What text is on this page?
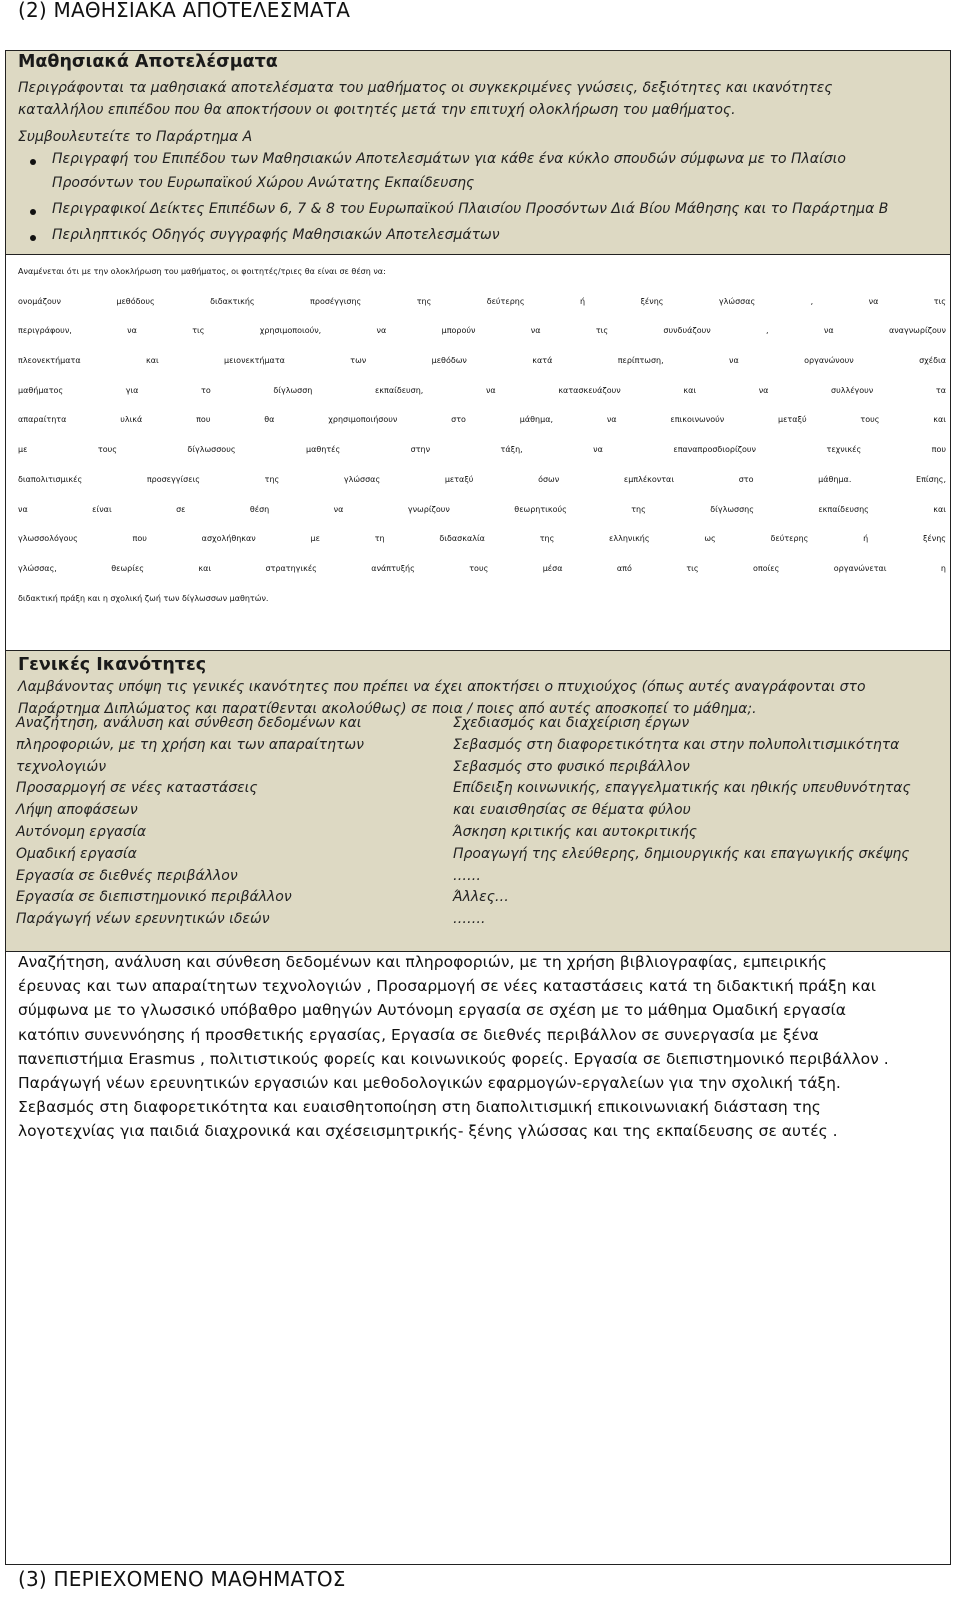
(2) ΜΑΘΗΣΙΑΚΑ ΑΠΟΤΕΛΕΣΜΑΤΑ
Μαθησιακά Αποτελέσματα
Περιγράφονται τα μαθησιακά αποτελέσματα του μαθήματος οι συγκεκριμένες γνώσεις, δεξιότητες και ικανότητες
καταλλήλου επιπέδου που θα αποκτήσουν οι φοιτητές μετά την επιτυχή ολοκλήρωση του μαθήματος.
Συμβουλευτείτε το Παράρτημα Α
Περιγραφή του Επιπέδου των Μαθησιακών Αποτελεσμάτων για κάθε ένα κύκλο σπουδών σύμφωνα με το Πλαίσιο
Προσόντων του Ευρωπαϊκού Χώρου Ανώτατης Εκπαίδευσης
Περιγραφικοί Δείκτες Επιπέδων 6, 7 & 8 του Ευρωπαϊκού Πλαισίου Προσόντων Διά Βίου Μάθησης και το Παράρτημα Β
Περιληπτικός Οδηγός συγγραφής Μαθησιακών Αποτελεσμάτων
Αναμένεται ότι με την ολοκλήρωση του μαθήματος, οι φοιτητές/τριες θα είναι σε θέση να:
ονομάζουν μεθόδους διδακτικής προσέγγισης της δεύτερης ή ξένης γλώσσας , να τις
περιγράφουν, να τις χρησιμοποιούν, να μπορούν να τις συνδυάζουν , να αναγνωρίζουν
πλεονεκτήματα και μειονεκτήματα των μεθόδων κατά περίπτωση, να οργανώνουν σχέδια
μαθήματος για το δίγλωσση εκπαίδευση, να κατασκευάζουν και να συλλέγουν τα
απαραίτητα υλικά που θα χρησιμοποιήσουν στο μάθημα, να επικοινωνούν μεταξύ τους και
με τους δίγλωσσους μαθητές στην τάξη, να επαναπροσδιορίζουν τεχνικές που
διαπολιτισμικές προσεγγίσεις της γλώσσας μεταξύ όσων εμπλέκονται στο μάθημα. Επίσης,
να είναι σε θέση να γνωρίζουν θεωρητικούς της δίγλωσσης εκπαίδευσης και
γλωσσολόγους που ασχολήθηκαν με τη διδασκαλία της ελληνικής ως δεύτερης ή ξένης
γλώσσας, θεωρίες και στρατηγικές ανάπτυξής τους μέσα από τις οποίες οργανώνεται η
διδακτική πράξη και η σχολική ζωή των δίγλωσσων μαθητών.
Γενικές Ικανότητες
Λαμβάνοντας υπόψη τις γενικές ικανότητες που πρέπει να έχει αποκτήσει ο πτυχιούχος (όπως αυτές αναγράφονται στο
Παράρτημα Διπλώματος και παρατίθενται ακολούθως) σε ποια / ποιες από αυτές αποσκοπεί το μάθημα;.
Αναζήτηση, ανάλυση και σύνθεση δεδομένων και
πληροφοριών, με τη χρήση και των απαραίτητων
τεχνολογιών
Προσαρμογή σε νέες καταστάσεις
Λήψη αποφάσεων
Αυτόνομη εργασία
Ομαδική εργασία
Εργασία σε διεθνές περιβάλλον
Εργασία σε διεπιστημονικό περιβάλλον
Παράγωγή νέων ερευνητικών ιδεών
Σχεδιασμός και διαχείριση έργων
Σεβασμός στη διαφορετικότητα και στην πολυπολιτισμικότητα
Σεβασμός στο φυσικό περιβάλλον
Επίδειξη κοινωνικής, επαγγελματικής και ηθικής υπευθυνότητας
και ευαισθησίας σε θέματα φύλου
Άσκηση κριτικής και αυτοκριτικής
Προαγωγή της ελεύθερης, δημιουργικής και επαγωγικής σκέψης
……
Άλλες…
…….
Αναζήτηση, ανάλυση και σύνθεση δεδομένων και πληροφοριών, με τη χρήση βιβλιογραφίας, εμπειρικής
έρευνας και των απαραίτητων τεχνολογιών , Προσαρμογή σε νέες καταστάσεις κατά τη διδακτική πράξη και
σύμφωνα με το γλωσσικό υπόβαθρο μαθηγών Αυτόνομη εργασία σε σχέση με το μάθημα Ομαδική εργασία
κατόπιν συνεννόησης ή προσθετικής εργασίας, Εργασία σε διεθνές περιβάλλον σε συνεργασία με ξένα
πανεπιστήμια Erasmus , πολιτιστικούς φορείς και κοινωνικούς φορείς. Εργασία σε διεπιστημονικό περιβάλλον .
Παράγωγή νέων ερευνητικών εργασιών και μεθοδολογικών εφαρμογών-εργαλείων για την σχολική τάξη.
Σεβασμός στη διαφορετικότητα και ευαισθητοποίηση στη διαπολιτισμική επικοινωνιακή διάσταση της
λογοτεχνίας για παιδιά διαχρονικά και σχέσεισμητρικής- ξένης γλώσσας και της εκπαίδευσης σε αυτές .
(3) ΠΕΡΙΕΧΟΜΕΝΟ ΜΑΘΗΜΑΤΟΣ
